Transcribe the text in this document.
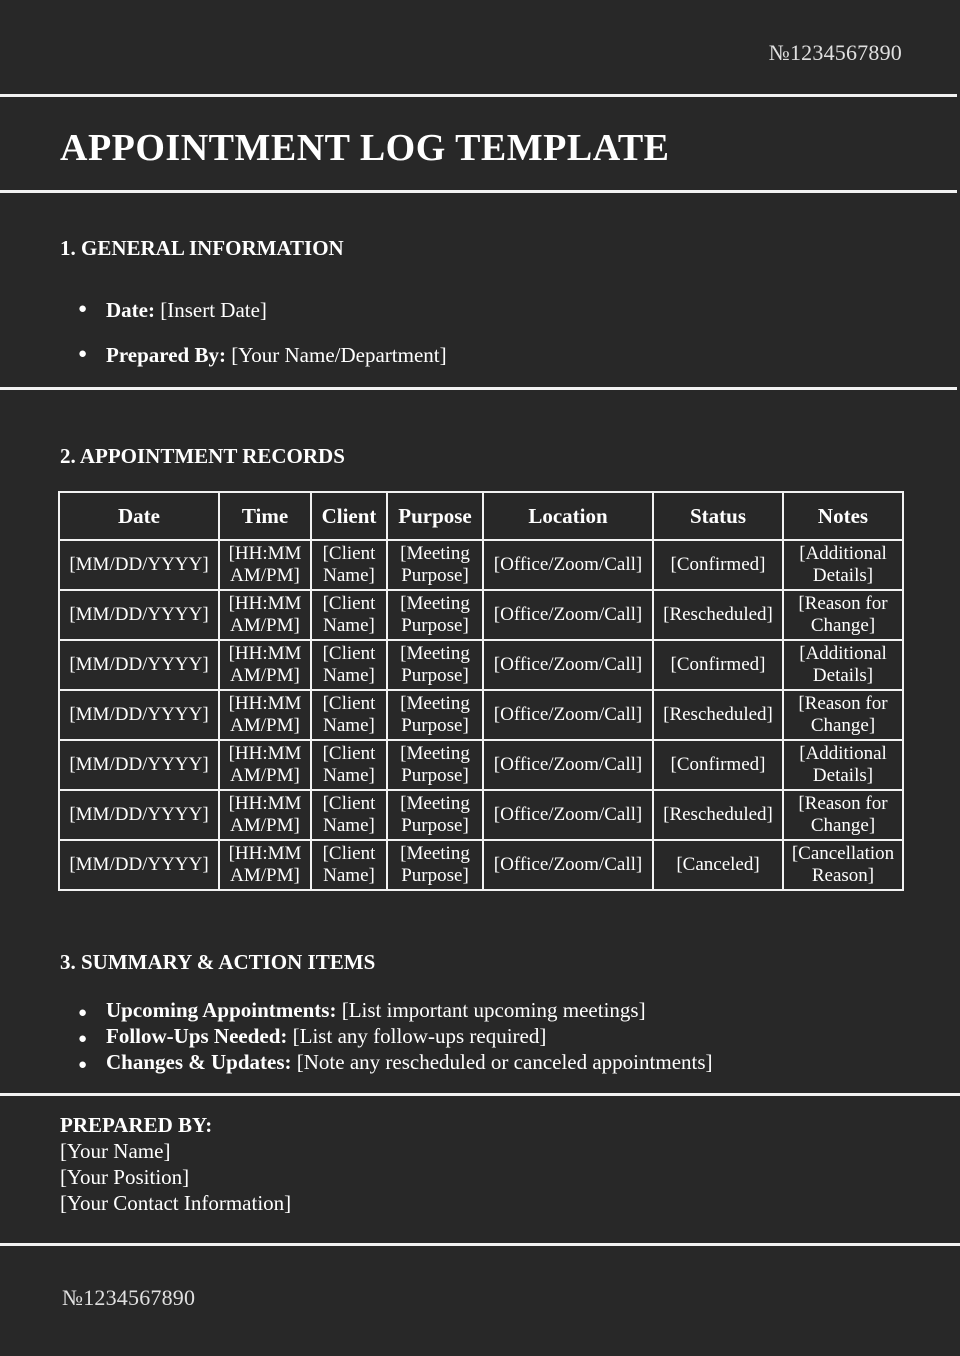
№1234567890
APPOINTMENT LOG TEMPLATE
1. GENERAL INFORMATION
● Date: [Insert Date]
● Prepared By: [Your Name/Department]
2. APPOINTMENT RECORDS
Date	Time	Client	Purpose	Location	Status	Notes
[MM/DD/YYYY]	[HH:MM AM/PM]	[Client Name]	[Meeting Purpose]	[Office/Zoom/Call]	[Confirmed]	[Additional Details]
[MM/DD/YYYY]	[HH:MM AM/PM]	[Client Name]	[Meeting Purpose]	[Office/Zoom/Call]	[Rescheduled]	[Reason for Change]
[MM/DD/YYYY]	[HH:MM AM/PM]	[Client Name]	[Meeting Purpose]	[Office/Zoom/Call]	[Confirmed]	[Additional Details]
[MM/DD/YYYY]	[HH:MM AM/PM]	[Client Name]	[Meeting Purpose]	[Office/Zoom/Call]	[Rescheduled]	[Reason for Change]
[MM/DD/YYYY]	[HH:MM AM/PM]	[Client Name]	[Meeting Purpose]	[Office/Zoom/Call]	[Confirmed]	[Additional Details]
[MM/DD/YYYY]	[HH:MM AM/PM]	[Client Name]	[Meeting Purpose]	[Office/Zoom/Call]	[Rescheduled]	[Reason for Change]
[MM/DD/YYYY]	[HH:MM AM/PM]	[Client Name]	[Meeting Purpose]	[Office/Zoom/Call]	[Canceled]	[Cancellation Reason]
3. SUMMARY & ACTION ITEMS
● Upcoming Appointments: [List important upcoming meetings]
● Follow-Ups Needed: [List any follow-ups required]
● Changes & Updates: [Note any rescheduled or canceled appointments]
PREPARED BY:
[Your Name]
[Your Position]
[Your Contact Information]
№1234567890
